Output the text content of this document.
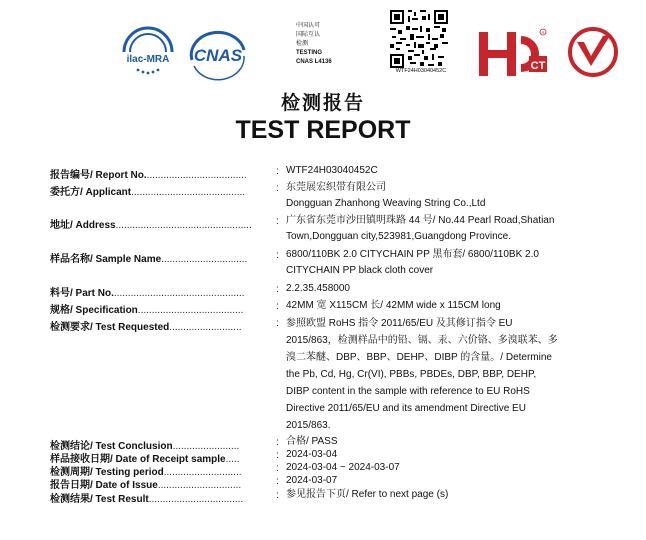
ilac-MRA CNAS
中国认可
国际互认
检测
TESTING
CNAS L4136
WTF24H03040452C	CT
R
检测报告
TEST REPORT
报告编号/ Report No.....................................	: WTF24H03040452C
委托方/ Applicant.........................................	: 东莞展宏织带有限公司
Dongguan Zhanhong Weaving String Co.,Ltd
地址/ Address................................................. : 广东省东莞市沙田镇明珠路 44 号/ No.44 Pearl Road,Shatian
Town,Dongguan city,523981,Guangdong Province.
样品名称/ Sample Name...............................	: 6800/110BK 2.0 CITYCHAIN PP 黑布套/ 6800/110BK 2.0
CITYCHAIN PP black cloth cover
料号/ Part No................................................	: 2.2.35.458000
规格/ Specification......................................	: 42MM 宽 X115CM 长/ 42MM wide x 115CM long
检测要求/ Test Requested..........................	: 参照欧盟 RoHS 指令 2011/65/EU 及其修订指令 EU
2015/863，检测样品中的铅、镉、汞、六价铬、多溴联苯、多
溴二苯醚、DBP、BBP、DEHP、DIBP 的含量。/ Determine
the Pb, Cd, Hg, Cr(VI), PBBs, PBDEs, DBP, BBP, DEHP,
DIBP content in the sample with reference to EU RoHS
Directive 2011/65/EU and its amendment Directive EU
2015/863.
检测结论/ Test Conclusion........................	: 合格/ PASS
样品接收日期/ Date of Receipt sample.....	: 2024-03-04
检测周期/ Testing period............................	: 2024-03-04 ~ 2024-03-07
报告日期/ Date of Issue..............................	: 2024-03-07
检测结果/ Test Result..................................	: 参见报告下页/ Refer to next page (s)
